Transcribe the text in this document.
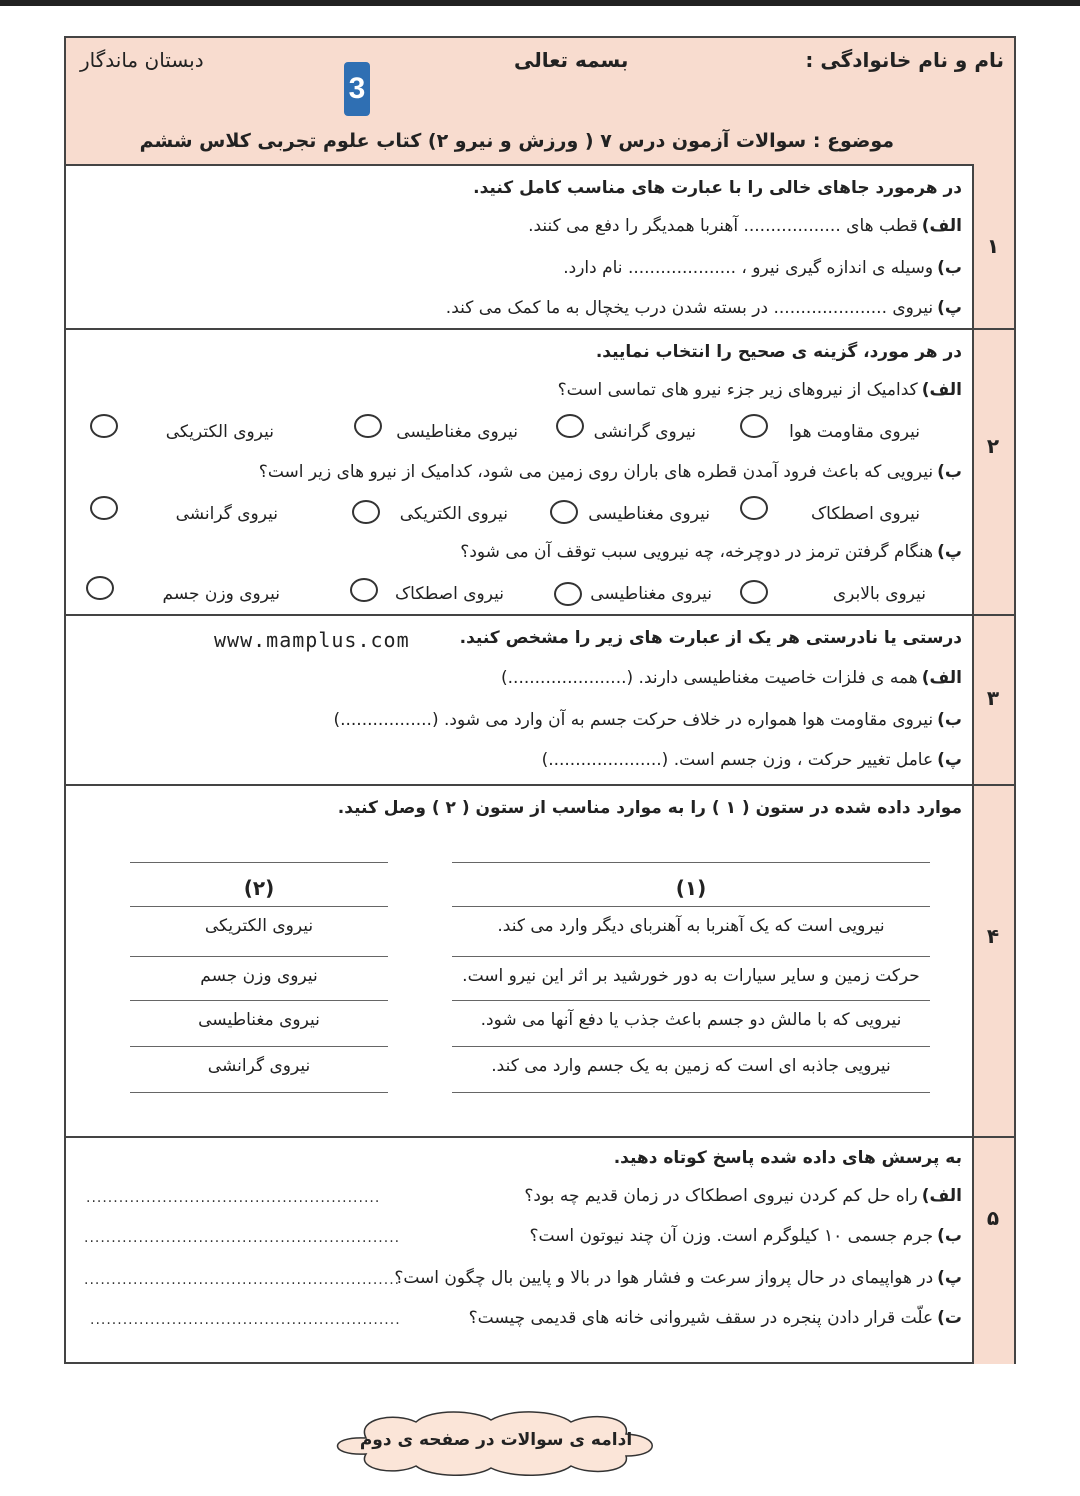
نام و نام خانوادگی :
بسمه تعالی
دبستان ماندگار
3
موضوع : سوالات آزمون درس ۷ ( ورزش و نیرو ۲) کتاب علوم تجربی کلاس ششم
۱
در هرمورد جاهای خالی را با عبارت های مناسب کامل کنید.
الف)قطب های .................. آهنربا همدیگر را دفع می کنند.
ب)وسیله ی اندازه گیری نیرو ، .................... نام دارد.
پ)نیروی ..................... در بسته شدن درب یخچال به ما کمک می کند.
۲
در هر مورد، گزینه ی صحیح را انتخاب نمایید.
الف)کدامیک از نیروهای زیر جزء نیرو های تماسی است؟
نیروی مقاومت هوا
نیروی گرانشی
نیروی مغناطیسی
نیروی الکتریکی
ب)نیرویی که باعث فرود آمدن قطره های باران روی زمین می شود، کدامیک از نیرو های زیر است؟
نیروی اصطکاک
نیروی مغناطیسی
نیروی الکتریکی
نیروی گرانشی
پ)هنگام گرفتن ترمز در دوچرخه، چه نیرویی سبب توقف آن می شود؟
نیروی بالابری
نیروی مغناطیسی
نیروی اصطکاک
نیروی وزن جسم
۳
درستی یا نادرستی هر یک از عبارت های زیر را مشخص کنید.
www.mamplus.com
الف)همه ی فلزات خاصیت مغناطیسی دارند. (......................)
ب)نیروی مقاومت هوا همواره در خلاف حرکت جسم به آن وارد می شود. (.................)
پ)عامل تغییر حرکت ، وزن جسم است. (.....................)
۴
موارد داده شده در ستون ( ۱ ) را به موارد مناسب از ستون ( ۲ ) وصل کنید.
(۱)
نیرویی است که یک آهنربا به آهنربای دیگر وارد می کند.
حرکت زمین و سایر سیارات به دور خورشید بر اثر این نیرو است.
نیرویی که با مالش دو جسم باعث جذب یا دفع آنها می شود.
نیرویی جاذبه ای است که زمین به یک جسم وارد می کند.
(۲)
نیروی الکتریکی
نیروی وزن جسم
نیروی مغناطیسی
نیروی گرانشی
۵
به پرسش های داده شده پاسخ کوتاه دهید.
الف)راه حل کم کردن نیروی اصطکاک در زمان قدیم چه بود؟
......................................................
ب)جرم جسمی ۱۰ کیلوگرم است. وزن آن چند نیوتون است؟
..........................................................
پ)در هواپیمای در حال پرواز سرعت و فشار هوا در بالا و پایین بال چگون است؟
..........................................................
ت)علّت قرار دادن پنجره در سقف شیروانی خانه های قدیمی چیست؟
.........................................................
ادامه ی سوالات در صفحه ی دوم
